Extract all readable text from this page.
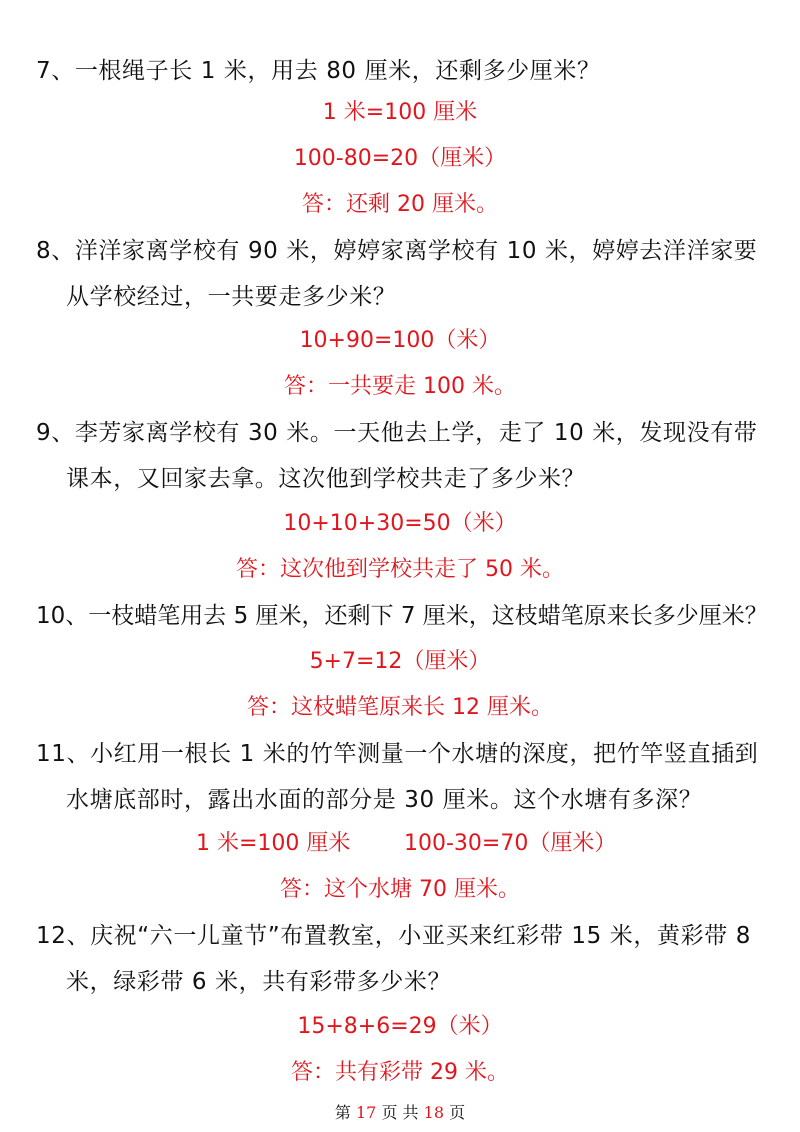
7、一根绳子长 1 米，用去 80 厘米，还剩多少厘米？
1 米=100 厘米
100-80=20（厘米）
答：还剩 20 厘米。
8、洋洋家离学校有 90 米，婷婷家离学校有 10 米，婷婷去洋洋家要
从学校经过，一共要走多少米？
10+90=100（米）
答：一共要走 100 米。
9、李芳家离学校有 30 米。一天他去上学，走了 10 米，发现没有带
课本，又回家去拿。这次他到学校共走了多少米？
10+10+30=50（米）
答：这次他到学校共走了 50 米。
10、一枝蜡笔用去 5 厘米，还剩下 7 厘米，这枝蜡笔原来长多少厘米？
5+7=12（厘米）
答：这枝蜡笔原来长 12 厘米。
11、小红用一根长 1 米的竹竿测量一个水塘的深度，把竹竿竖直插到
水塘底部时，露出水面的部分是 30 厘米。这个水塘有多深？
1 米=100 厘米 100-30=70（厘米）
答：这个水塘 70 厘米。
12、庆祝“六一儿童节”布置教室，小亚买来红彩带 15 米，黄彩带 8
米，绿彩带 6 米，共有彩带多少米？
15+8+6=29（米）
答：共有彩带 29 米。
第 17 页 共 18 页
